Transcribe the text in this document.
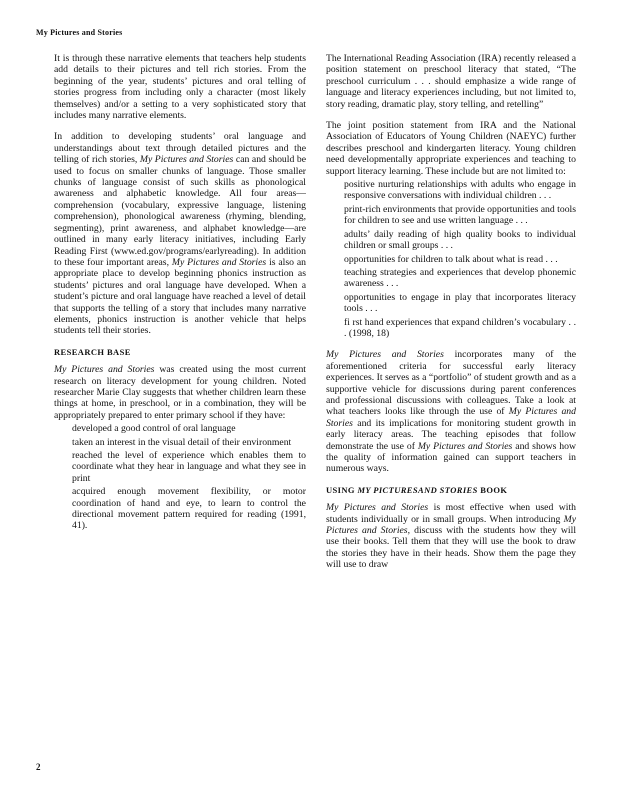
My Pictures and Stories

It is through these narrative elements that teachers help students add details to their pictures and tell rich stories. From the beginning of the year, students’ pictures and oral telling of stories progress from including only a character (most likely themselves) and/or a setting to a very sophisticated story that includes many narrative elements.

In addition to developing students’ oral language and understandings about text through detailed pictures and the telling of rich stories, My Pictures and Stories can and should be used to focus on smaller chunks of language. Those smaller chunks of language consist of such skills as phonological awareness and alphabetic knowledge. All four areas—comprehension (vocabulary, expressive language, listening comprehension), phonological awareness (rhyming, blending, segmenting), print awareness, and alphabet knowledge—are outlined in many early literacy initiatives, including Early Reading First (www.ed.gov/programs/earlyreading). In addition to these four important areas, My Pictures and Stories is also an appropriate place to develop beginning phonics instruction as students’ pictures and oral language have developed. When a student’s picture and oral language have reached a level of detail that supports the telling of a story that includes many narrative elements, phonics instruction is another vehicle that helps students tell their stories.

RESEARCH BASE

My Pictures and Stories was created using the most current research on literacy development for young children. Noted researcher Marie Clay suggests that whether children learn these things at home, in preschool, or in a combination, they will be appropriately prepared to enter primary school if they have:

developed a good control of oral language
taken an interest in the visual detail of their environment
reached the level of experience which enables them to coordinate what they hear in language and what they see in print
acquired enough movement flexibility, or motor coordination of hand and eye, to learn to control the directional movement pattern required for reading (1991, 41).

The International Reading Association (IRA) recently released a position statement on preschool literacy that stated, “The preschool curriculum . . . should emphasize a wide range of language and literacy experiences including, but not limited to, story reading, dramatic play, story telling, and retelling”

The joint position statement from IRA and the National Association of Educators of Young Children (NAEYC) further describes preschool and kindergarten literacy. Young children need developmentally appropriate experiences and teaching to support literacy learning. These include but are not limited to:

positive nurturing relationships with adults who engage in responsive conversations with individual children . . .
print-rich environments that provide opportunities and tools for children to see and use written language . . .
adults’ daily reading of high quality books to individual children or small groups . . .
opportunities for children to talk about what is read . . .
teaching strategies and experiences that develop phonemic awareness . . .
opportunities to engage in play that incorporates literacy tools . . .
fi rst hand experiences that expand children’s vocabulary . . . (1998, 18)

My Pictures and Stories incorporates many of the aforementioned criteria for successful early literacy experiences. It serves as a “portfolio” of student growth and as a supportive vehicle for discussions during parent conferences and professional discussions with colleagues. Take a look at what teachers looks like through the use of My Pictures and Stories and its implications for monitoring student growth in early literacy areas. The teaching episodes that follow demonstrate the use of My Pictures and Stories and shows how the quality of information gained can support teachers in numerous ways.

USING MY PICTURESAND STORIES BOOK

My Pictures and Stories is most effective when used with students individually or in small groups. When introducing My Pictures and Stories, discuss with the students how they will use their books. Tell them that they will use the book to draw the stories they have in their heads. Show them the page they will use to draw

2
